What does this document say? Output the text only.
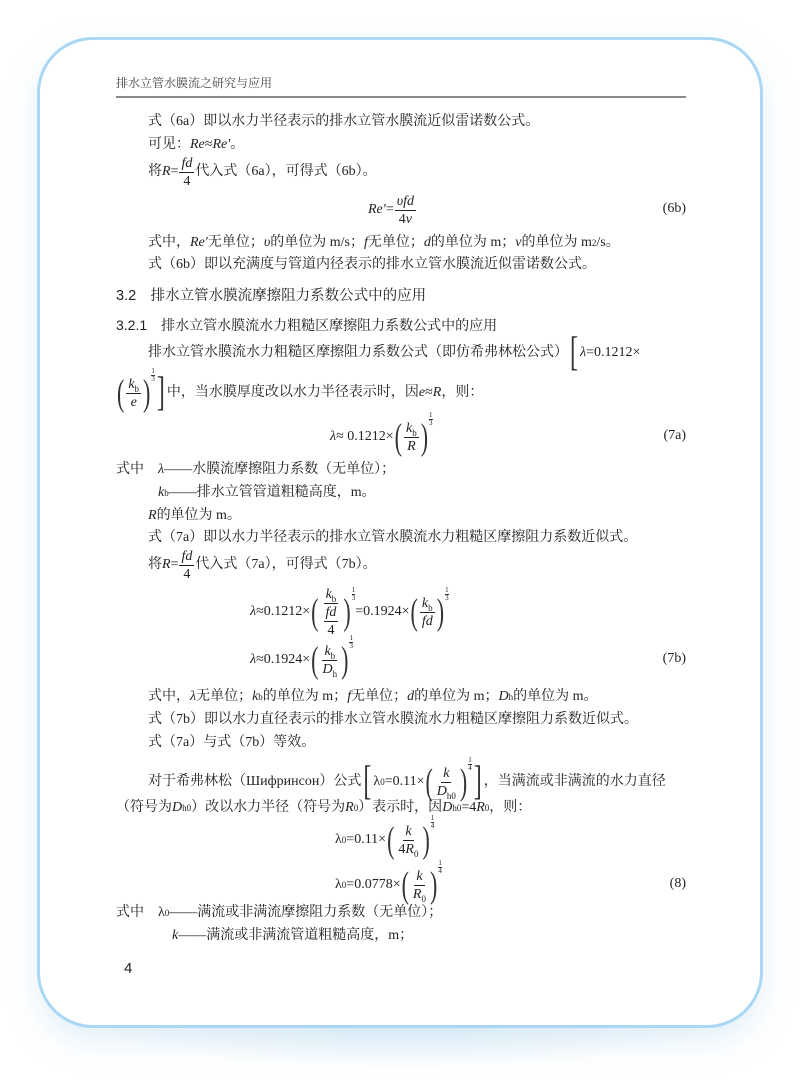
排水立管水膜流之研究与应用
式（6a）即以水力半径表示的排水立管水膜流近似雷诺数公式。
可见： Re ≈ Re′ 。
将 $R = \frac{fd}{4}$ 代入式（6a），可得式（6b）。
$Re' = \frac{\text{υfd}}{4\nu}$	(6b)
式中， Re′ 无单位； υ 的单位为 m/s； f 无单位； d 的单位为 m； ν 的单位为 m 2 /s。
式（6b）即以充满度与管道内径表示的排水立管水膜流近似雷诺数公式。
3.2　排水立管水膜流摩擦阻力系数公式中的应用
3.2.1　排水立管水膜流水力粗糙区摩擦阻力系数公式中的应用
排水立管水膜流水力粗糙区摩擦阻力系数公式（即仿希弗林松公式） [ λ =0.1212×
( $\frac{k_b}{e}$
)
$\frac{1}{3}$ ] 中，当水膜厚度改以水力半径表示时，因 e ≈ R ，则：
λ ≈ 0.1212× ( $\frac{k_b}{R}$
)
$\frac{1}{3}$
(7a)
式中　 λ ——水膜流摩擦阻力系数（无单位）；
k b ——排水立管管道粗糙高度，m。
R 的单位为 m。
式（7a）即以水力半径表示的排水立管水膜流水力粗糙区摩擦阻力系数近似式。
将 $R = \frac{fd}{4}$ 代入式（7a），可得式（7b）。
λ ≈0.1212× ( $\frac{k_b}{\frac{fd}{4}}$
) $\frac{1}{3}$
=0.1924× ( $\frac{k_b}{fd}$
)
$\frac{1}{3}$
λ ≈0.1924× ( $\frac{k_b}{D_h}$
)
$\frac{1}{3}$
(7b)
式中， λ 无单位； k b 的单位为 m； f 无单位； d 的单位为 m； D h 的单位为 m。
式（7b）即以水力直径表示的排水立管水膜流水力粗糙区摩擦阻力系数近似式。
式（7a）与式（7b）等效。
对于希弗林松（Шифринсон）公式 [ λ 0 =0.11× ( $\frac{k}{D_{h0}}$
)
$\frac{1}{4}$ ] ，当满流或非满流的水力直径
（符号为 D h0 ）改以水力半径（符号为 R 0 ）表示时，因 D h0 =4 R 0 ，则：
λ 0 =0.11× ( $\frac{k}{4R_0}$
)
$\frac{1}{4}$
λ 0 =0.0778× ( $\frac{k}{R_0}$
)
$\frac{1}{4}$
(8)
式中　λ 0 ——满流或非满流摩擦阻力系数（无单位）；
k ——满流或非满流管道粗糙高度，m；
4
